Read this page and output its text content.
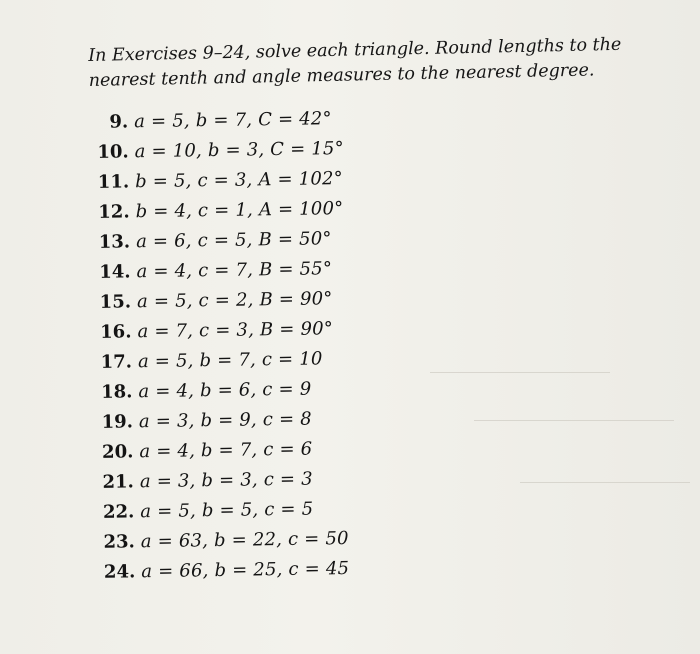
In Exercises 9–24, solve each triangle. Round lengths to the nearest tenth and angle measures to the nearest degree.

9. a = 5, b = 7, C = 42°
10. a = 10, b = 3, C = 15°
11. b = 5, c = 3, A = 102°
12. b = 4, c = 1, A = 100°
13. a = 6, c = 5, B = 50°
14. a = 4, c = 7, B = 55°
15. a = 5, c = 2, B = 90°
16. a = 7, c = 3, B = 90°
17. a = 5, b = 7, c = 10
18. a = 4, b = 6, c = 9
19. a = 3, b = 9, c = 8
20. a = 4, b = 7, c = 6
21. a = 3, b = 3, c = 3
22. a = 5, b = 5, c = 5
23. a = 63, b = 22, c = 50
24. a = 66, b = 25, c = 45
